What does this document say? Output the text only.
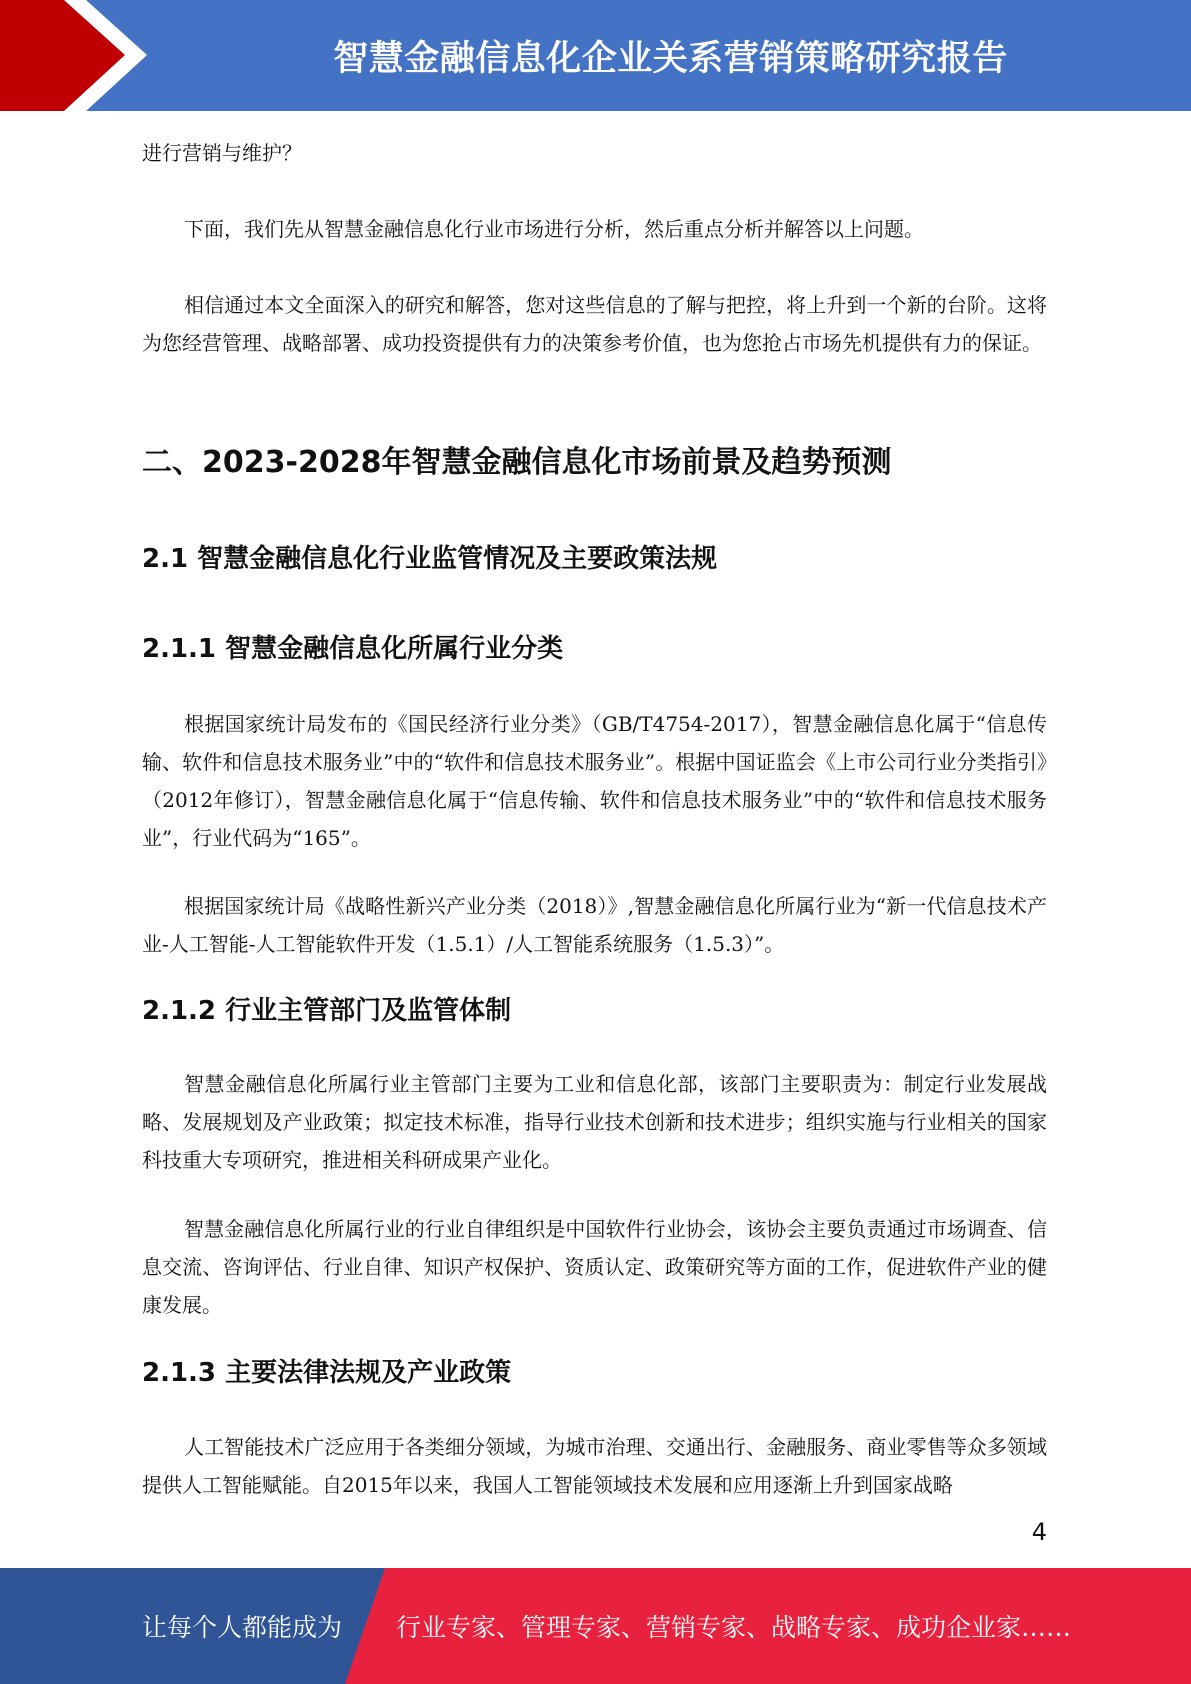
智慧金融信息化企业关系营销策略研究报告

进行营销与维护？

下面，我们先从智慧金融信息化行业市场进行分析，然后重点分析并解答以上问题。

相信通过本文全面深入的研究和解答，您对这些信息的了解与把控，将上升到一个新的台阶。这将为您经营管理、战略部署、成功投资提供有力的决策参考价值，也为您抢占市场先机提供有力的保证。

二、2023-2028年智慧金融信息化市场前景及趋势预测
2.1 智慧金融信息化行业监管情况及主要政策法规
2.1.1 智慧金融信息化所属行业分类

根据国家统计局发布的《国民经济行业分类》（GB/T4754-2017），智慧金融信息化属于“信息传输、软件和信息技术服务业”中的“软件和信息技术服务业”。根据中国证监会《上市公司行业分类指引》（2012年修订），智慧金融信息化属于“信息传输、软件和信息技术服务业”中的“软件和信息技术服务业”，行业代码为“165”。

根据国家统计局《战略性新兴产业分类（2018）》,智慧金融信息化所属行业为“新一代信息技术产业-人工智能-人工智能软件开发（1.5.1）/人工智能系统服务（1.5.3）”。

2.1.2 行业主管部门及监管体制

智慧金融信息化所属行业主管部门主要为工业和信息化部，该部门主要职责为：制定行业发展战略、发展规划及产业政策；拟定技术标准，指导行业技术创新和技术进步；组织实施与行业相关的国家科技重大专项研究，推进相关科研成果产业化。

智慧金融信息化所属行业的行业自律组织是中国软件行业协会，该协会主要负责通过市场调查、信息交流、咨询评估、行业自律、知识产权保护、资质认定、政策研究等方面的工作，促进软件产业的健康发展。

2.1.3 主要法律法规及产业政策

人工智能技术广泛应用于各类细分领域，为城市治理、交通出行、金融服务、商业零售等众多领域提供人工智能赋能。自2015年以来，我国人工智能领域技术发展和应用逐渐上升到国家战略

4
让每个人都能成为 行业专家、管理专家、营销专家、战略专家、成功企业家……
